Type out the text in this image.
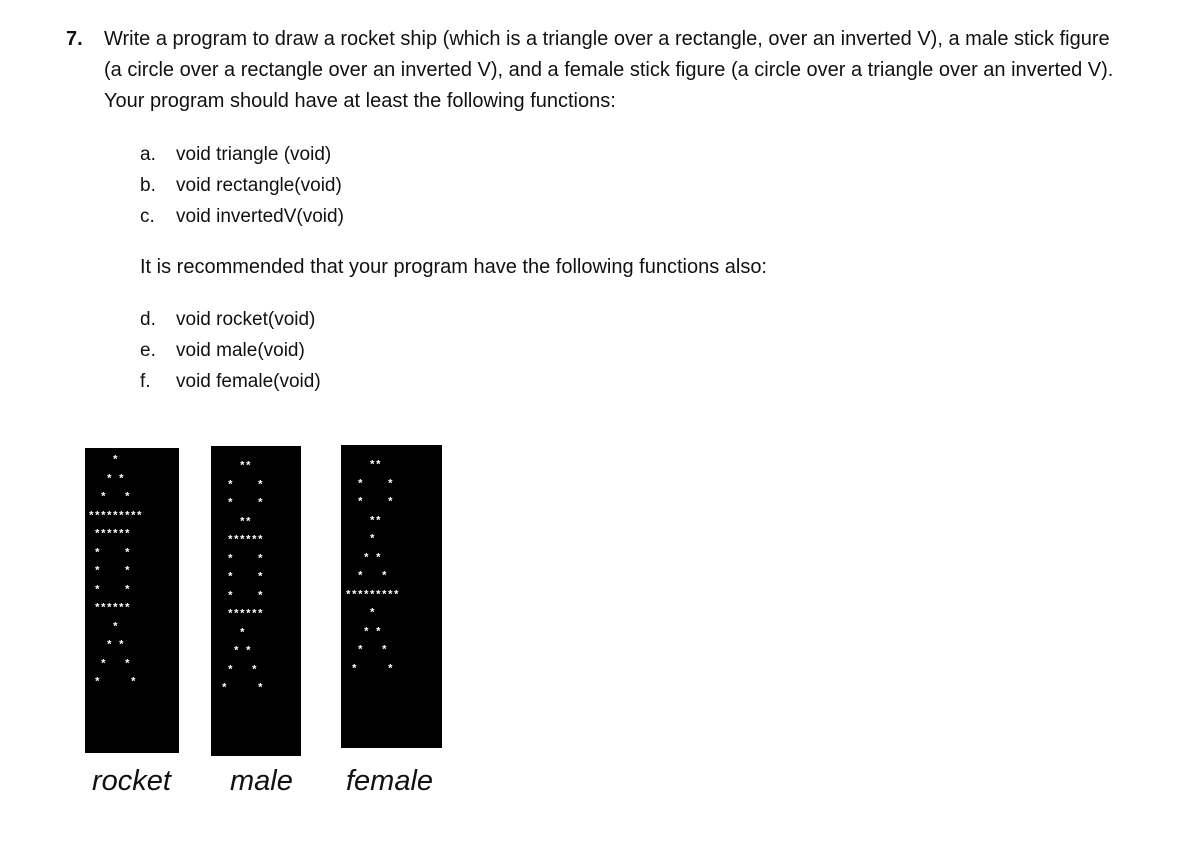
7. Write a program to draw a rocket ship (which is a triangle over a rectangle, over an inverted V), a male stick figure (a circle over a rectangle over an inverted V), and a female stick figure (a circle over a triangle over an inverted V). Your program should have at least the following functions:
a.	void triangle (void)
b.	void rectangle(void)
c.	void invertedV(void)
It is recommended that your program have the following functions also:
d.	void rocket(void)
e.	void male(void)
f.	void female(void)
*
* *
*   *
*********
******
*    *
*    *
*    *
******
*
* *
*   *
*     *
**
*    *
*    *
**
******
*    *
*    *
*    *
******
*
* *
*   *
*     *
**
*    *
*    *
**
*
* *
*   *
*********
*
* *
*   *
*     *
rocket male female
